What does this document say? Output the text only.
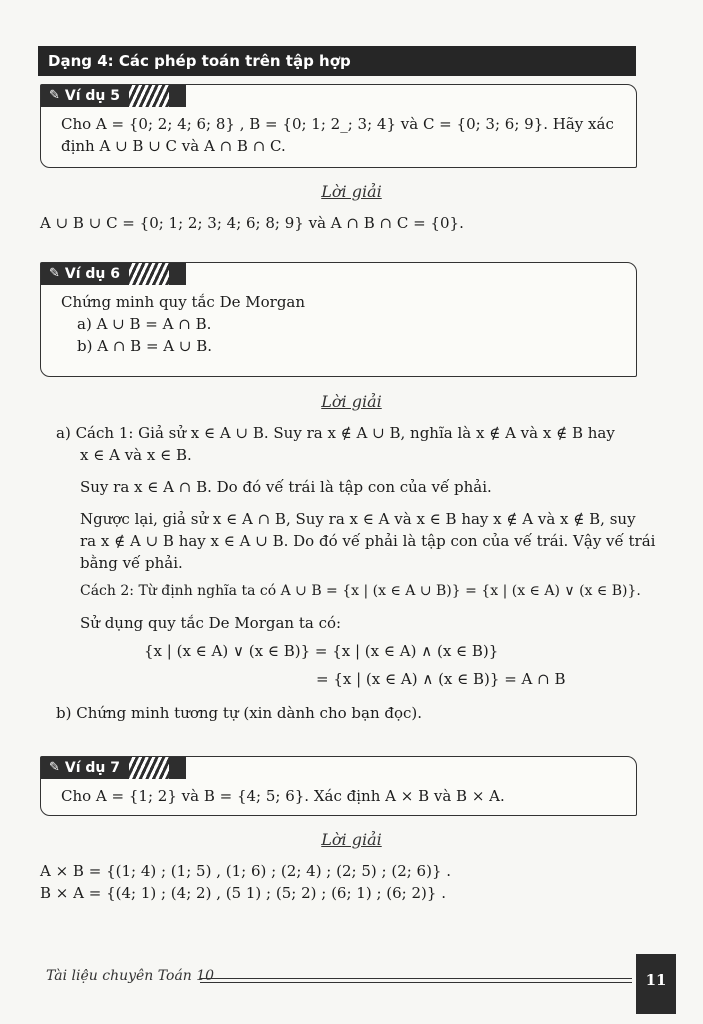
Dạng 4: Các phép toán trên tập hợp
✎ Ví dụ 5
Cho A = {0; 2; 4; 6; 8} , B = {0; 1; 2_; 3; 4} và C = {0; 3; 6; 9}. Hãy xác
định A ∪ B ∪ C và A ∩ B ∩ C.
Lời giải
A ∪ B ∪ C = {0; 1; 2; 3; 4; 6; 8; 9} và A ∩ B ∩ C = {0}.
✎ Ví dụ 6
Chứng minh quy tắc De Morgan
a) A ∪ B = A ∩ B.
b) A ∩ B = A ∪ B.
Lời giải
a) Cách 1: Giả sử x ∈ A ∪ B. Suy ra x ∉ A ∪ B, nghĩa là x ∉ A và x ∉ B hay
x ∈ A và x ∈ B.
Suy ra x ∈ A ∩ B. Do đó vế trái là tập con của vế phải.
Ngược lại, giả sử x ∈ A ∩ B, Suy ra x ∈ A và x ∈ B hay x ∉ A và x ∉ B, suy
ra x ∉ A ∪ B hay x ∈ A ∪ B. Do đó vế phải là tập con của vế trái. Vậy vế trái
bằng vế phải.
Cách 2: Từ định nghĩa ta có A ∪ B = {x | (x ∈ A ∪ B)} = {x | (x ∈ A) ∨ (x ∈ B)}.
Sử dụng quy tắc De Morgan ta có:
{x | (x ∈ A) ∨ (x ∈ B)} = {x | (x ∈ A) ∧ (x ∈ B)}
= {x | (x ∈ A) ∧ (x ∈ B)} = A ∩ B
b) Chứng minh tương tự (xin dành cho bạn đọc).
✎ Ví dụ 7
Cho A = {1; 2} và B = {4; 5; 6}. Xác định A × B và B × A.
Lời giải
A × B = {(1; 4) ; (1; 5) , (1; 6) ; (2; 4) ; (2; 5) ; (2; 6)} .
B × A = {(4; 1) ; (4; 2) , (5 1) ; (5; 2) ; (6; 1) ; (6; 2)} .
Tài liệu chuyên Toán 10	11
